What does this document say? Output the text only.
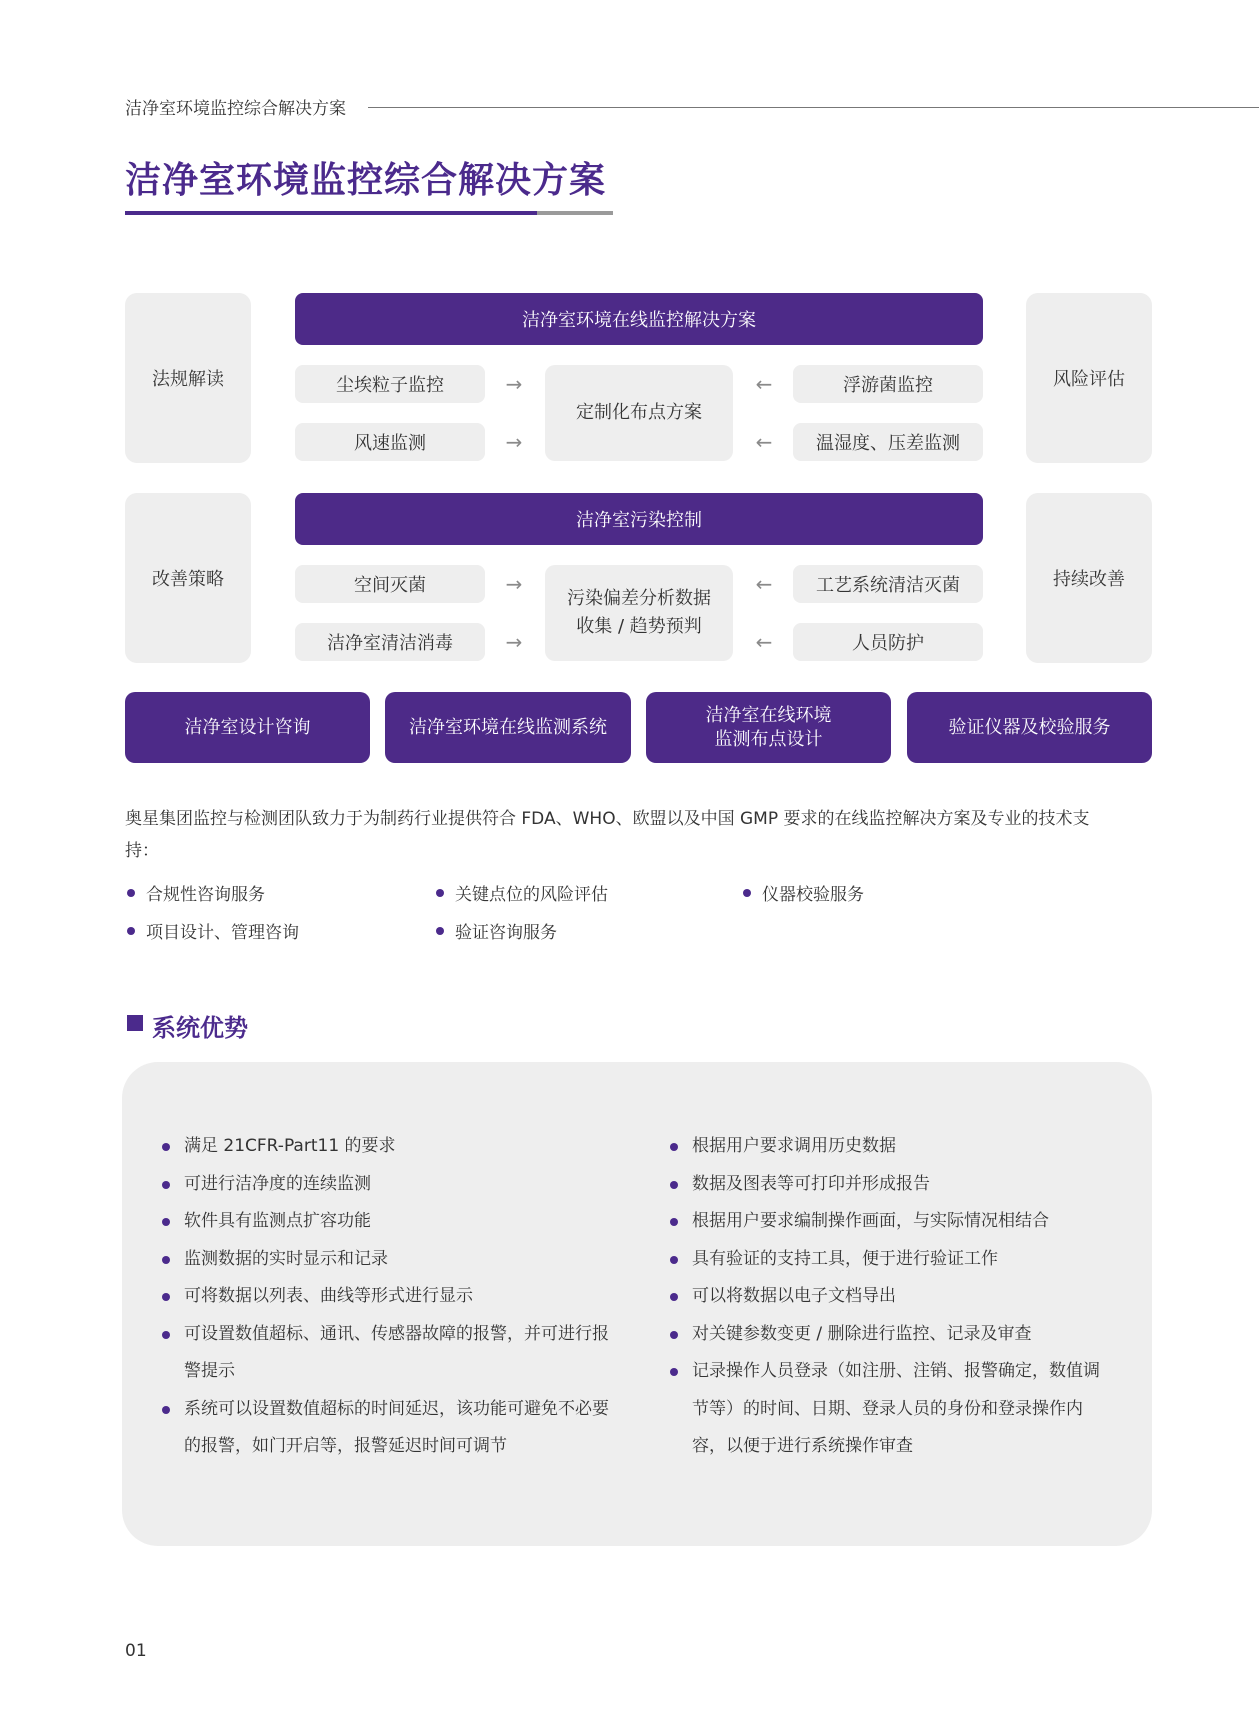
洁净室环境监控综合解决方案
洁净室环境监控综合解决方案
法规解读
改善策略
风险评估
持续改善
洁净室环境在线监控解决方案
尘埃粒子监控
风速监测
→
→
定制化布点方案
←
←
浮游菌监控
温湿度、压差监测
洁净室污染控制
空间灭菌
洁净室清洁消毒
→
→
污染偏差分析数据
收集 / 趋势预判
←
←
工艺系统清洁灭菌
人员防护
洁净室设计咨询	洁净室环境在线监测系统
洁净室在线环境
监测布点设计
验证仪器及校验服务
奥星集团监控与检测团队致力于为制药行业提供符合 FDA、WHO、欧盟以及中国 GMP 要求的在线监控解决方案及专业的技术支持：
合规性咨询服务	关键点位的风险评估	仪器校验服务
项目设计、管理咨询	验证咨询服务
系统优势
满足 21CFR-Part11 的要求
可进行洁净度的连续监测
软件具有监测点扩容功能
监测数据的实时显示和记录
可将数据以列表、曲线等形式进行显示
可设置数值超标、通讯、传感器故障的报警，并可进行报警提示
系统可以设置数值超标的时间延迟，该功能可避免不必要的报警，如门开启等，报警延迟时间可调节
根据用户要求调用历史数据
数据及图表等可打印并形成报告
根据用户要求编制操作画面，与实际情况相结合
具有验证的支持工具，便于进行验证工作
可以将数据以电子文档导出
对关键参数变更 / 删除进行监控、记录及审查
记录操作人员登录（如注册、注销、报警确定，数值调节等）的时间、日期、登录人员的身份和登录操作内容，以便于进行系统操作审查
01
